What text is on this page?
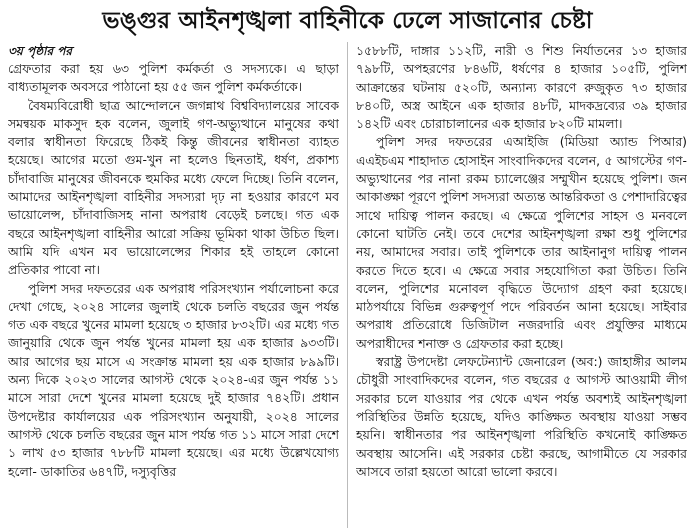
ভঙ্গুর আইনশৃঙ্খলা বাহিনীকে ঢেলে সাজানোর চেষ্টা

৩য় পৃষ্ঠার পর

গ্রেফতার করা হয় ৬৩ পুলিশ কর্মকর্তা ও সদস্যকে। এ ছাড়া বাধ্যতামূলক অবসরে পাঠানো হয় ৫৫ জন পুলিশ কর্মকর্তাকে।

বৈষম্যবিরোধী ছাত্র আন্দোলনে জগন্নাথ বিশ্ববিদ্যালয়ের সাবেক সমন্বয়ক মাকসুদ হক বলেন, জুলাই গণ-অভ্যুত্থানে মানুষের কথা বলার স্বাধীনতা ফিরেছে ঠিকই কিন্তু জীবনের স্বাধীনতা ব্যাহত হয়েছে। আগের মতো গুম-খুন না হলেও ছিনতাই, ধর্ষণ, প্রকাশ্য চাঁদাবাজি মানুষের জীবনকে হুমকির মধ্যে ফেলে দিচ্ছে। তিনি বলেন, আমাদের আইনশৃঙ্খলা বাহিনীর সদস্যরা দৃঢ় না হওয়ার কারণে মব ভায়োলেন্স, চাঁদাবাজিসহ নানা অপরাধ বেড়েই চলছে। গত এক বছরে আইনশৃঙ্খলা বাহিনীর আরো সক্রিয় ভূমিকা থাকা উচিত ছিল। আমি যদি এখন মব ভায়োলেন্সের শিকার হই তাহলে কোনো প্রতিকার পাবো না।

পুলিশ সদর দফতরের এক অপরাধ পরিসংখ্যান পর্যালোচনা করে দেখা গেছে, ২০২৪ সালের জুলাই থেকে চলতি বছরের জুন পর্যন্ত গত এক বছরে খুনের মামলা হয়েছে ৩ হাজার ৮৩২টি। এর মধ্যে গত জানুয়ারি থেকে জুন পর্যন্ত খুনের মামলা হয় এক হাজার ৯৩৩টি। আর আগের ছয় মাসে এ সংক্রান্ত মামলা হয় এক হাজার ৮৯৯টি। অন্য দিকে ২০২৩ সালের আগস্ট থেকে ২০২৪-এর জুন পর্যন্ত ১১ মাসে সারা দেশে খুনের মামলা হয়েছে দুই হাজার ৭৪২টি। প্রধান উপদেষ্টার কার্যালয়ের এক পরিসংখ্যান অনুযায়ী, ২০২৪ সালের আগস্ট থেকে চলতি বছরের জুন মাস পর্যন্ত গত ১১ মাসে সারা দেশে ১ লাখ ৫৩ হাজার ৭৮৮টি মামলা হয়েছে। এর মধ্যে উল্লেখযোগ্য হলো- ডাকাতির ৬৪৭টি, দস্যুবৃত্তির

১৫৮৮টি, দাঙ্গার ১১২টি, নারী ও শিশু নির্যাতনের ১৩ হাজার ৭৯৮টি, অপহরণের ৮৪৬টি, ধর্ষণের ৪ হাজার ১০৫টি, পুলিশ আক্রান্তের ঘটনায় ৫২০টি, অন্যান্য কারণে রুজুকৃত ৭৩ হাজার ৮৪০টি, অস্ত্র আইনে এক হাজার ৪৮টি, মাদকদ্রব্যের ৩৯ হাজার ১৪২টি এবং চোরাচালানের এক হাজার ৮২০টি মামলা।

পুলিশ সদর দফতরের এআইজি (মিডিয়া অ্যান্ড পিআর) এএইচএম শাহাদাত হোসাইন সাংবাদিকদের বলেন, ৫ আগস্টের গণ-অভ্যুত্থানের পর নানা রকম চ্যালেঞ্জের সম্মুখীন হয়েছে পুলিশ। জন আকাঙ্ক্ষা পূরণে পুলিশ সদস্যরা অত্যন্ত আন্তরিকতা ও পেশাদারিত্বের সাথে দায়িত্ব পালন করছে। এ ক্ষেত্রে পুলিশের সাহস ও মনবলে কোনো ঘাটতি নেই। তবে দেশের আইনশৃঙ্খলা রক্ষা শুধু পুলিশের নয়, আমাদের সবার। তাই পুলিশকে তার আইনানুগ দায়িত্ব পালন করতে দিতে হবে। এ ক্ষেত্রে সবার সহযোগিতা করা উচিত। তিনি বলেন, পুলিশের মনোবল বৃদ্ধিতে উদ্যোগ গ্রহণ করা হয়েছে। মাঠপর্যায়ে বিভিন্ন গুরুত্বপূর্ণ পদে পরিবর্তন আনা হয়েছে। সাইবার অপরাধ প্রতিরোধে ডিজিটাল নজরদারি এবং প্রযুক্তির মাধ্যমে অপরাধীদের শনাক্ত ও গ্রেফতার করা হচ্ছে।

স্বরাষ্ট্র উপদেষ্টা লেফটেন্যান্ট জেনারেল (অব:) জাহাঙ্গীর আলম চৌধুরী সাংবাদিকদের বলেন, গত বছরের ৫ আগস্ট আওয়ামী লীগ সরকার চলে যাওয়ার পর থেকে এখন পর্যন্ত অবশ্যই আইনশৃঙ্খলা পরিস্থিতির উন্নতি হয়েছে, যদিও কাঙ্ক্ষিত অবস্থায় যাওয়া সম্ভব হয়নি। স্বাধীনতার পর আইনশৃঙ্খলা পরিস্থিতি কখনোই কাঙ্ক্ষিত অবস্থায় আসেনি। এই সরকার চেষ্টা করছে, আগামীতে যে সরকার আসবে তারা হয়তো আরো ভালো করবে।
